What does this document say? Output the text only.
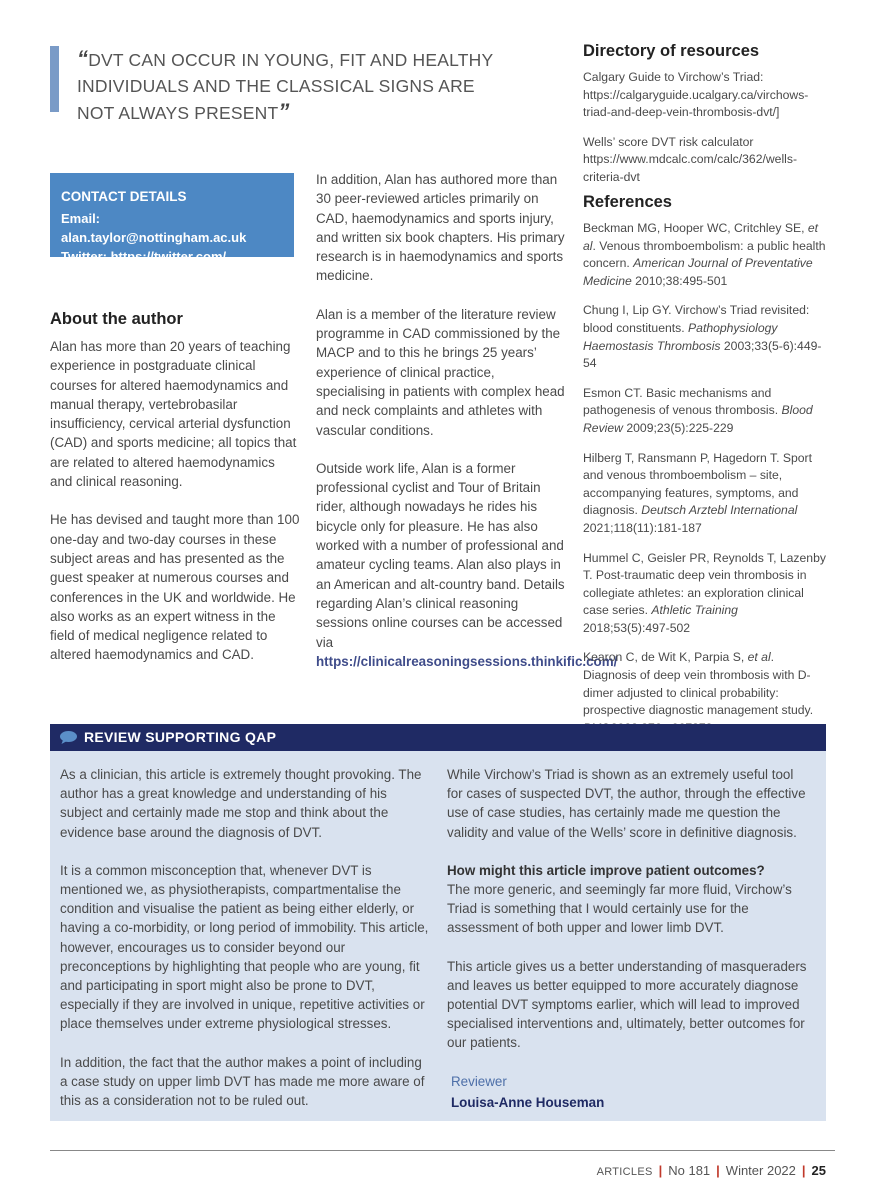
“DVT CAN OCCUR IN YOUNG, FIT AND HEALTHY INDIVIDUALS AND THE CLASSICAL SIGNS ARE NOT ALWAYS PRESENT”
CONTACT DETAILS

Email: alan.taylor@nottingham.ac.uk

Twitter: https://twitter.com/
TaylorAlanJ

About the author

Alan has more than 20 years of teaching experience in postgraduate clinical courses for altered haemodynamics and manual therapy, vertebrobasilar insufficiency, cervical arterial dysfunction (CAD) and sports medicine; all topics that are related to altered haemodynamics and clinical reasoning.

He has devised and taught more than 100 one-day and two-day courses in these subject areas and has presented as the guest speaker at numerous courses and conferences in the UK and worldwide. He also works as an expert witness in the field of medical negligence related to altered haemodynamics and CAD.

In addition, Alan has authored more than 30 peer-reviewed articles primarily on CAD, haemodynamics and sports injury, and written six book chapters. His primary research is in haemodynamics and sports medicine.

Alan is a member of the literature review programme in CAD commissioned by the MACP and to this he brings 25 years’ experience of clinical practice, specialising in patients with complex head and neck complaints and athletes with vascular conditions.

Outside work life, Alan is a former professional cyclist and Tour of Britain rider, although nowadays he rides his bicycle only for pleasure. He has also worked with a number of professional and amateur cycling teams. Alan also plays in an American and alt-country band. Details regarding Alan’s clinical reasoning sessions online courses can be accessed via https://clinicalreasoningsessions.thinkific.com/

Directory of resources

Calgary Guide to Virchow’s Triad: https://calgaryguide.ucalgary.ca/virchows-triad-and-deep-vein-thrombosis-dvt/]

Wells’ score DVT risk calculator https://www.mdcalc.com/calc/362/wells-criteria-dvt

References

Beckman MG, Hooper WC, Critchley SE, et al. Venous thromboembolism: a public health concern. American Journal of Preventative Medicine 2010;38:495-501

Chung I, Lip GY. Virchow’s Triad revisited: blood constituents. Pathophysiology Haemostasis Thrombosis 2003;33(5-6):449-54

Esmon CT. Basic mechanisms and pathogenesis of venous thrombosis. Blood Review 2009;23(5):225-229

Hilberg T, Ransmann P, Hagedorn T. Sport and venous thromboembolism – site, accompanying features, symptoms, and diagnosis. Deutsch Arztebl International 2021;118(11):181-187

Hummel C, Geisler PR, Reynolds T, Lazenby T. Post-traumatic deep vein thrombosis in collegiate athletes: an exploration clinical case series. Athletic Training 2018;53(5):497-502

Kearon C, de Wit K, Parpia S, et al. Diagnosis of deep vein thrombosis with D-dimer adjusted to clinical probability: prospective diagnostic management study.

REVIEW SUPPORTING QAP

As a clinician, this article is extremely thought provoking. The author has a great knowledge and understanding of his subject and certainly made me stop and think about the evidence base around the diagnosis of DVT.

It is a common misconception that, whenever DVT is mentioned we, as physiotherapists, compartmentalise the condition and visualise the patient as being either elderly, or having a co-morbidity, or long period of immobility. This article, however, encourages us to consider beyond our preconceptions by highlighting that people who are young, fit and participating in sport might also be prone to DVT, especially if they are involved in unique, repetitive activities or place themselves under extreme physiological stresses.

In addition, the fact that the author makes a point of including a case study on upper limb DVT has made me more aware of this as a consideration not to be ruled out.

While Virchow’s Triad is shown as an extremely useful tool for cases of suspected DVT, the author, through the effective use of case studies, has certainly made me question the validity and value of the Wells’ score in definitive diagnosis.

How might this article improve patient outcomes?

The more generic, and seemingly far more fluid, Virchow’s Triad is something that I would certainly use for the assessment of both upper and lower limb DVT.

This article gives us a better understanding of masqueraders and leaves us better equipped to more accurately diagnose potential DVT symptoms earlier, which will lead to improved specialised interventions and, ultimately, better outcomes for our patients.

Reviewer
Louisa-Anne Houseman
ARTICLES | No 181 | Winter 2022 | 25
